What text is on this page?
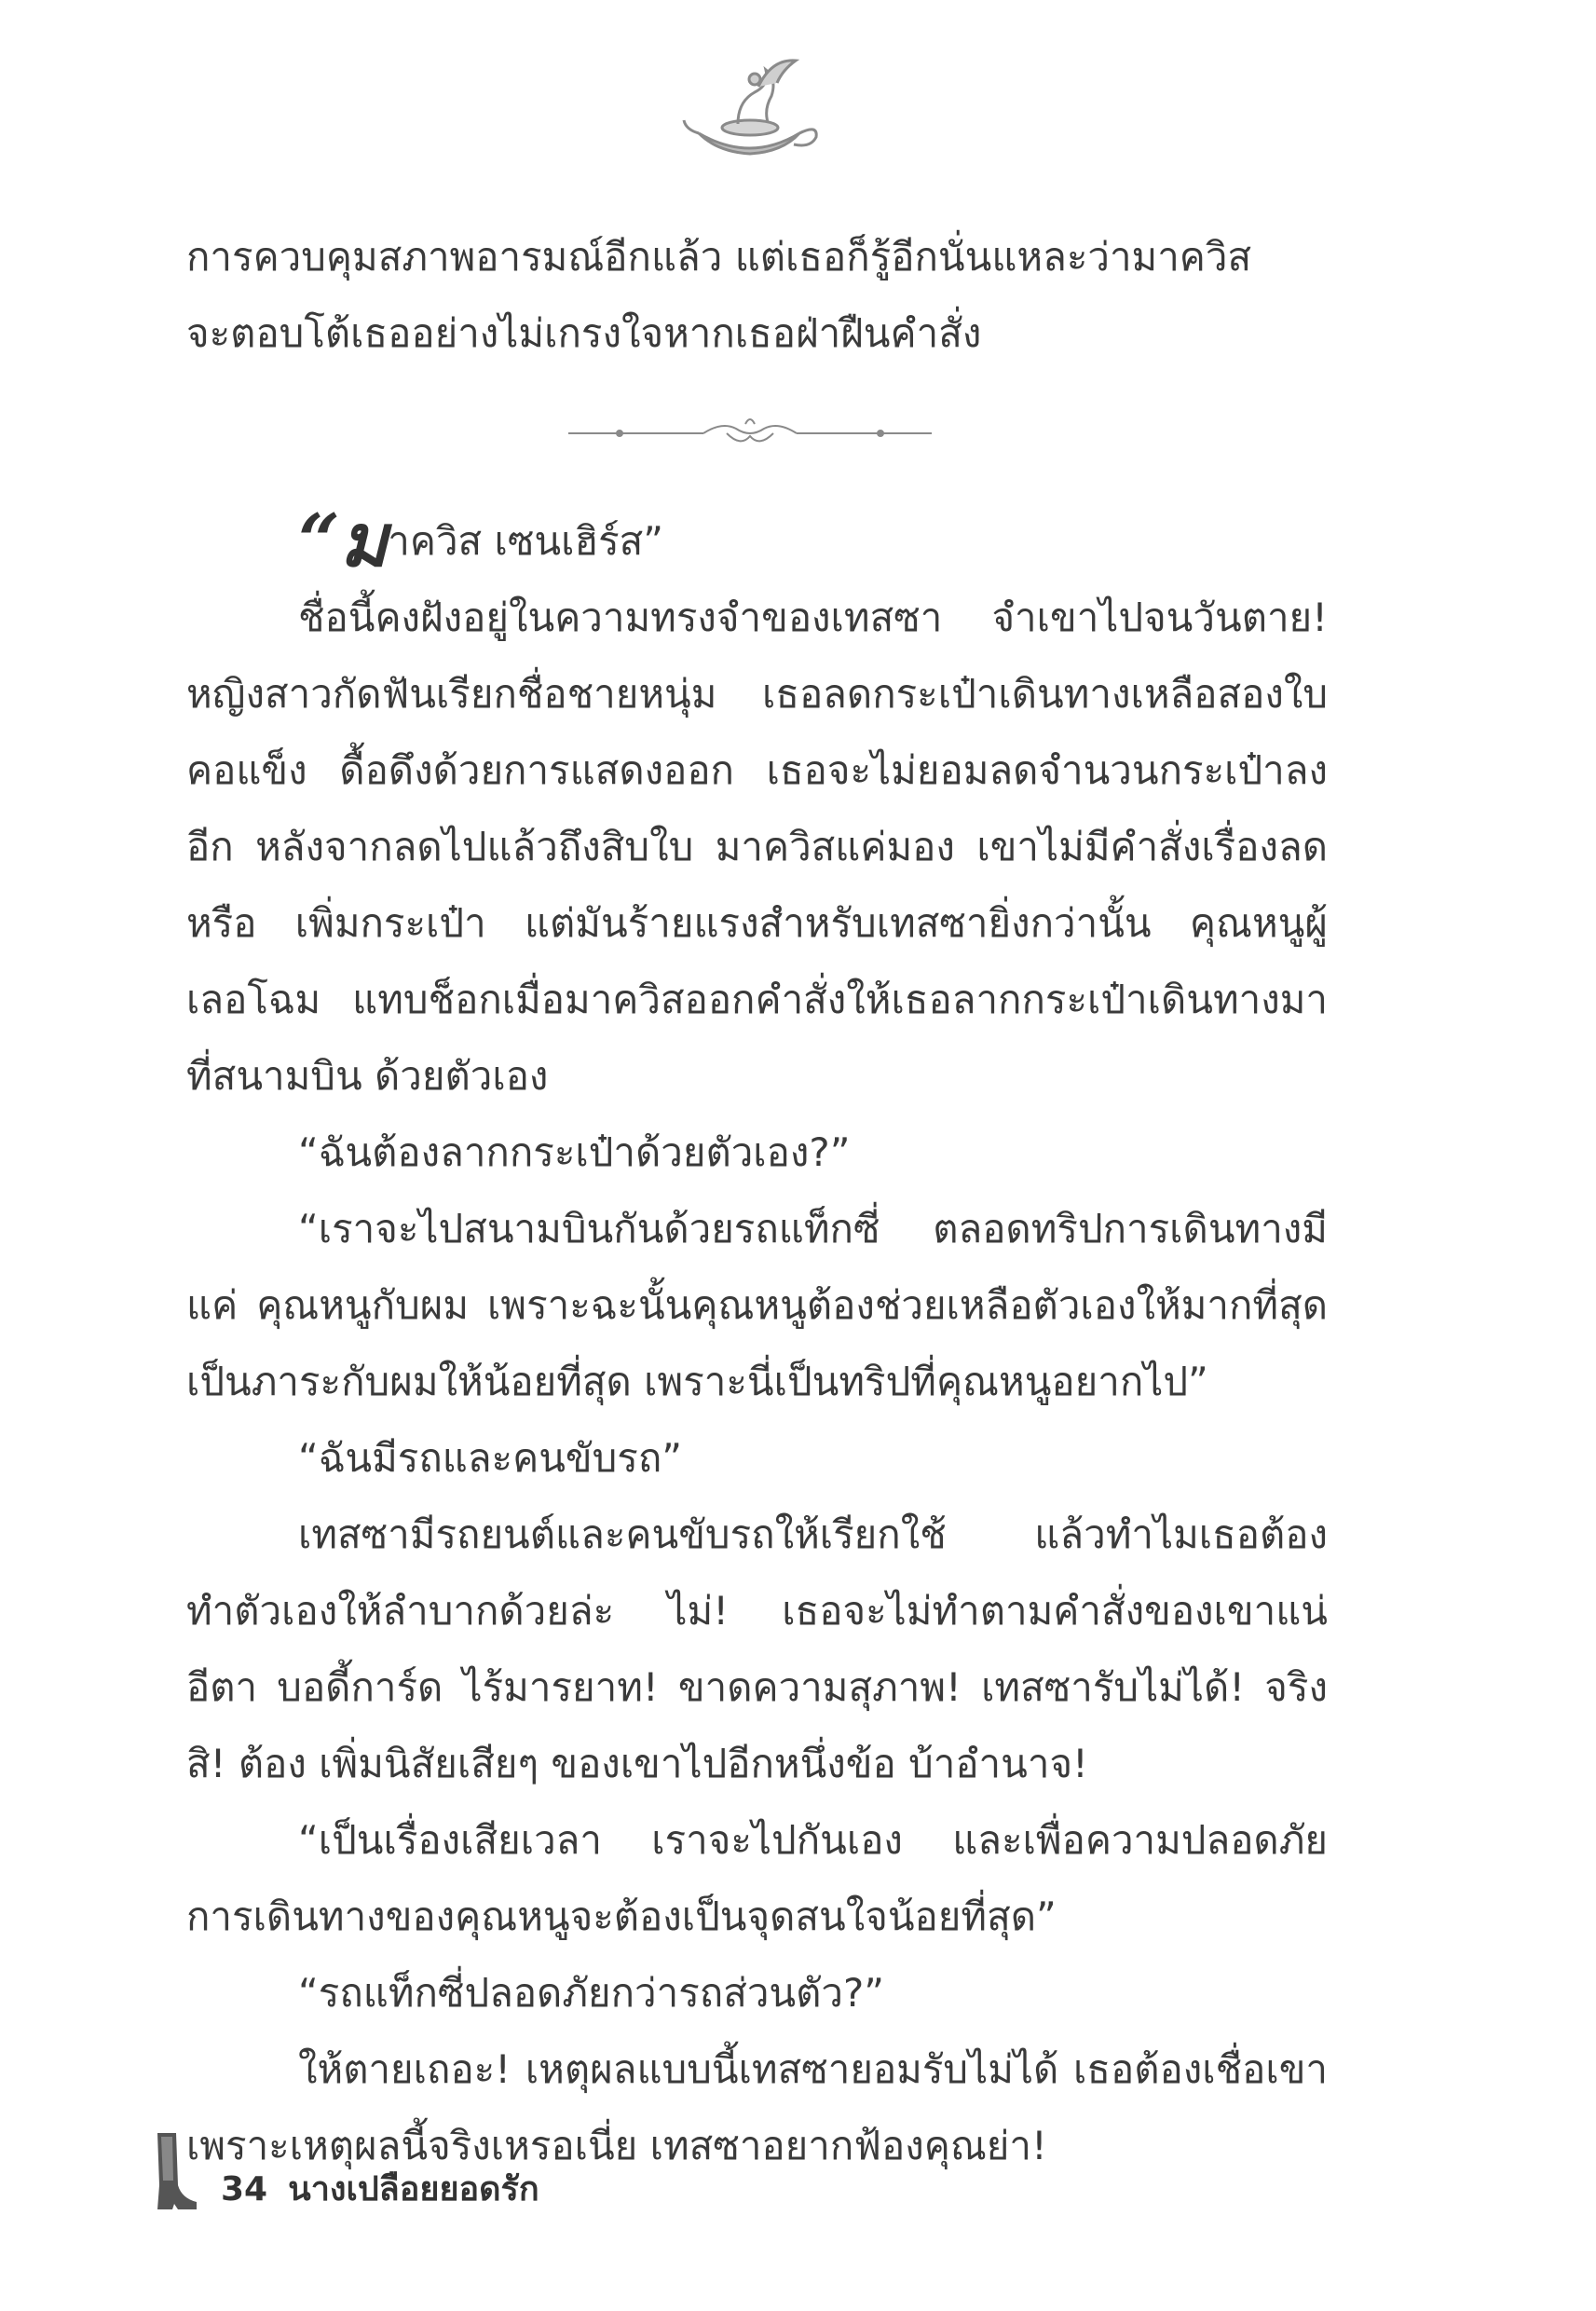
การควบคุมสภาพอารมณ์อีกแล้ว แต่เธอก็รู้อีกนั่นแหละว่ามาควิส

จะตอบโต้เธออย่างไม่เกรงใจหากเธอฝ่าฝืนคำสั่ง

“มาควิส เซนเฮิร์ส”

ชื่อนี้คงฝังอยู่ในความทรงจำของเทสซา จำเขาไปจนวันตาย! หญิงสาวกัดฟันเรียกชื่อชายหนุ่ม เธอลดกระเป๋าเดินทางเหลือสองใบ คอแข็ง ดื้อดึงด้วยการแสดงออก เธอจะไม่ยอมลดจำนวนกระเป๋าลงอีก หลังจากลดไปแล้วถึงสิบใบ มาควิสแค่มอง เขาไม่มีคำสั่งเรื่องลดหรือ เพิ่มกระเป๋า แต่มันร้ายแรงสำหรับเทสซายิ่งกว่านั้น คุณหนูผู้เลอโฉม แทบช็อกเมื่อมาควิสออกคำสั่งให้เธอลากกระเป๋าเดินทางมาที่สนามบิน ด้วยตัวเอง

“ฉันต้องลากกระเป๋าด้วยตัวเอง?”

“เราจะไปสนามบินกันด้วยรถแท็กซี่ ตลอดทริปการเดินทางมีแค่ คุณหนูกับผม เพราะฉะนั้นคุณหนูต้องช่วยเหลือตัวเองให้มากที่สุด เป็นภาระกับผมให้น้อยที่สุด เพราะนี่เป็นทริปที่คุณหนูอยากไป”

“ฉันมีรถและคนขับรถ”

เทสซามีรถยนต์และคนขับรถให้เรียกใช้ แล้วทำไมเธอต้อง ทำตัวเองให้ลำบากด้วยล่ะ ไม่! เธอจะไม่ทำตามคำสั่งของเขาแน่ อีตา บอดี้การ์ด ไร้มารยาท! ขาดความสุภาพ! เทสซารับไม่ได้! จริงสิ! ต้อง เพิ่มนิสัยเสียๆ ของเขาไปอีกหนึ่งข้อ บ้าอำนาจ!

“เป็นเรื่องเสียเวลา เราจะไปกันเอง และเพื่อความปลอดภัย การเดินทางของคุณหนูจะต้องเป็นจุดสนใจน้อยที่สุด”

“รถแท็กซี่ปลอดภัยกว่ารถส่วนตัว?”

ให้ตายเถอะ! เหตุผลแบบนี้เทสซายอมรับไม่ได้ เธอต้องเชื่อเขา เพราะเหตุผลนี้จริงเหรอเนี่ย เทสซาอยากฟ้องคุณย่า!

34 นางเปลือยยอดรัก
